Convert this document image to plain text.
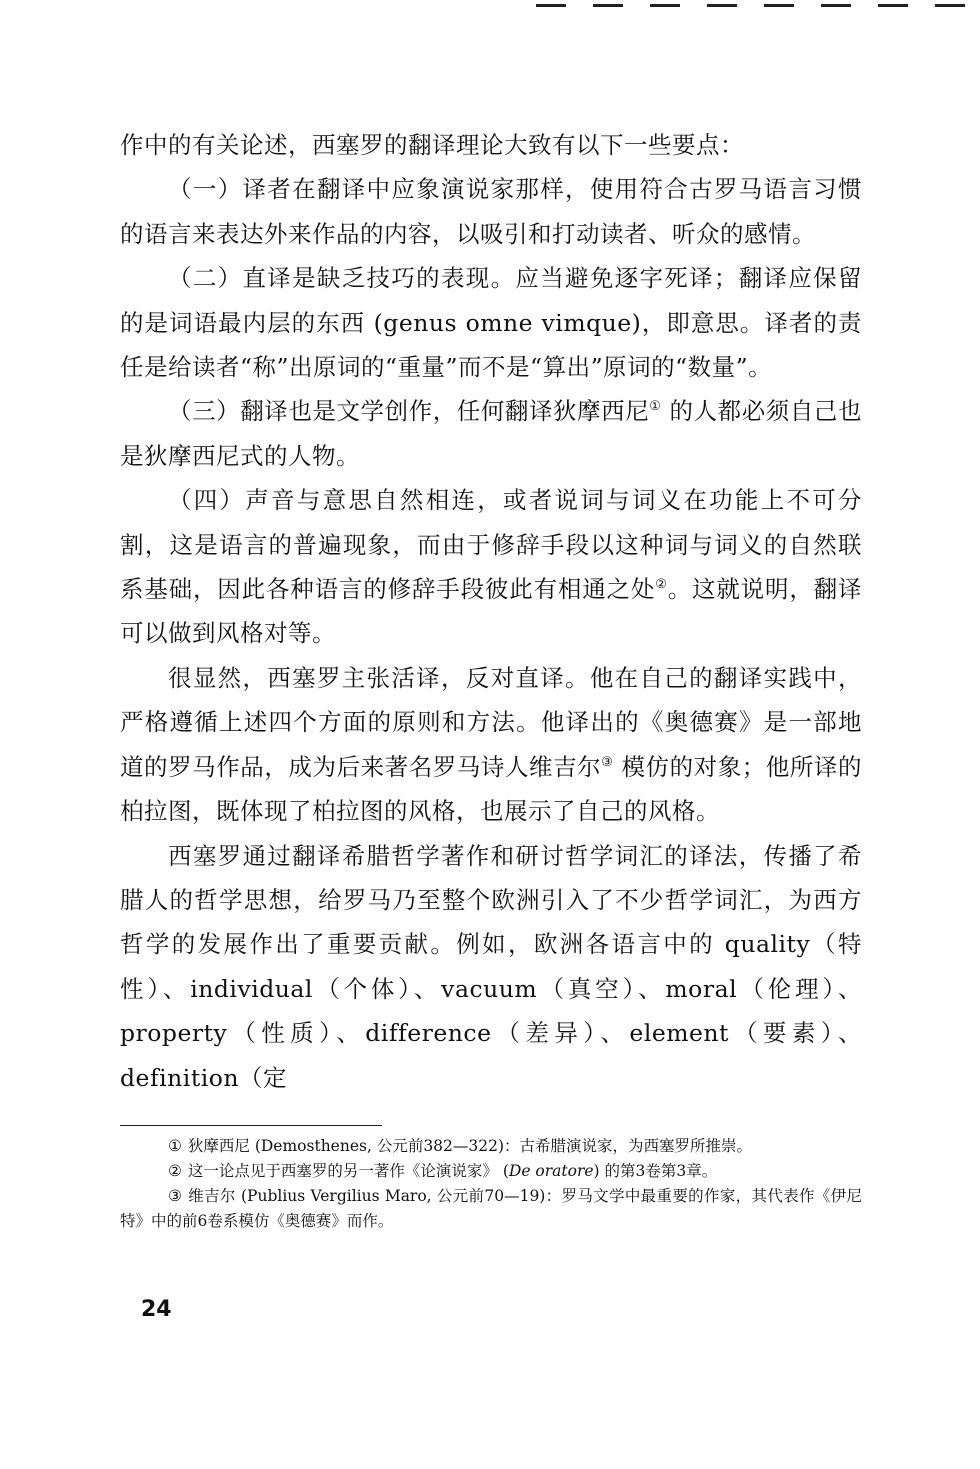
作中的有关论述，西塞罗的翻译理论大致有以下一些要点：

（一）译者在翻译中应象演说家那样，使用符合古罗马语言习惯的语言来表达外来作品的内容，以吸引和打动读者、听众的感情。

（二）直译是缺乏技巧的表现。应当避免逐字死译；翻译应保留的是词语最内层的东西 (genus omne vimque)，即意思。译者的责任是给读者“称”出原词的“重量”而不是“算出”原词的“数量”。

（三）翻译也是文学创作，任何翻译狄摩西尼① 的人都必须自己也是狄摩西尼式的人物。

（四）声音与意思自然相连，或者说词与词义在功能上不可分割，这是语言的普遍现象，而由于修辞手段以这种词与词义的自然联系基础，因此各种语言的修辞手段彼此有相通之处②。这就说明，翻译可以做到风格对等。

很显然，西塞罗主张活译，反对直译。他在自己的翻译实践中，严格遵循上述四个方面的原则和方法。他译出的《奥德赛》是一部地道的罗马作品，成为后来著名罗马诗人维吉尔③ 模仿的对象；他所译的柏拉图，既体现了柏拉图的风格，也展示了自己的风格。

西塞罗通过翻译希腊哲学著作和研讨哲学词汇的译法，传播了希腊人的哲学思想，给罗马乃至整个欧洲引入了不少哲学词汇，为西方哲学的发展作出了重要贡献。例如，欧洲各语言中的 quality（特性）、individual（个体）、vacuum（真空）、moral（伦理）、property（性质）、difference（差异）、element（要素）、definition（定

① 狄摩西尼 (Demosthenes, 公元前382—322)：古希腊演说家，为西塞罗所推崇。

② 这一论点见于西塞罗的另一著作《论演说家》 (De oratore) 的第3卷第3章。

③ 维吉尔 (Publius Vergilius Maro, 公元前70—19)：罗马文学中最重要的作家，其代表作《伊尼特》中的前6卷系模仿《奥德赛》而作。

24
